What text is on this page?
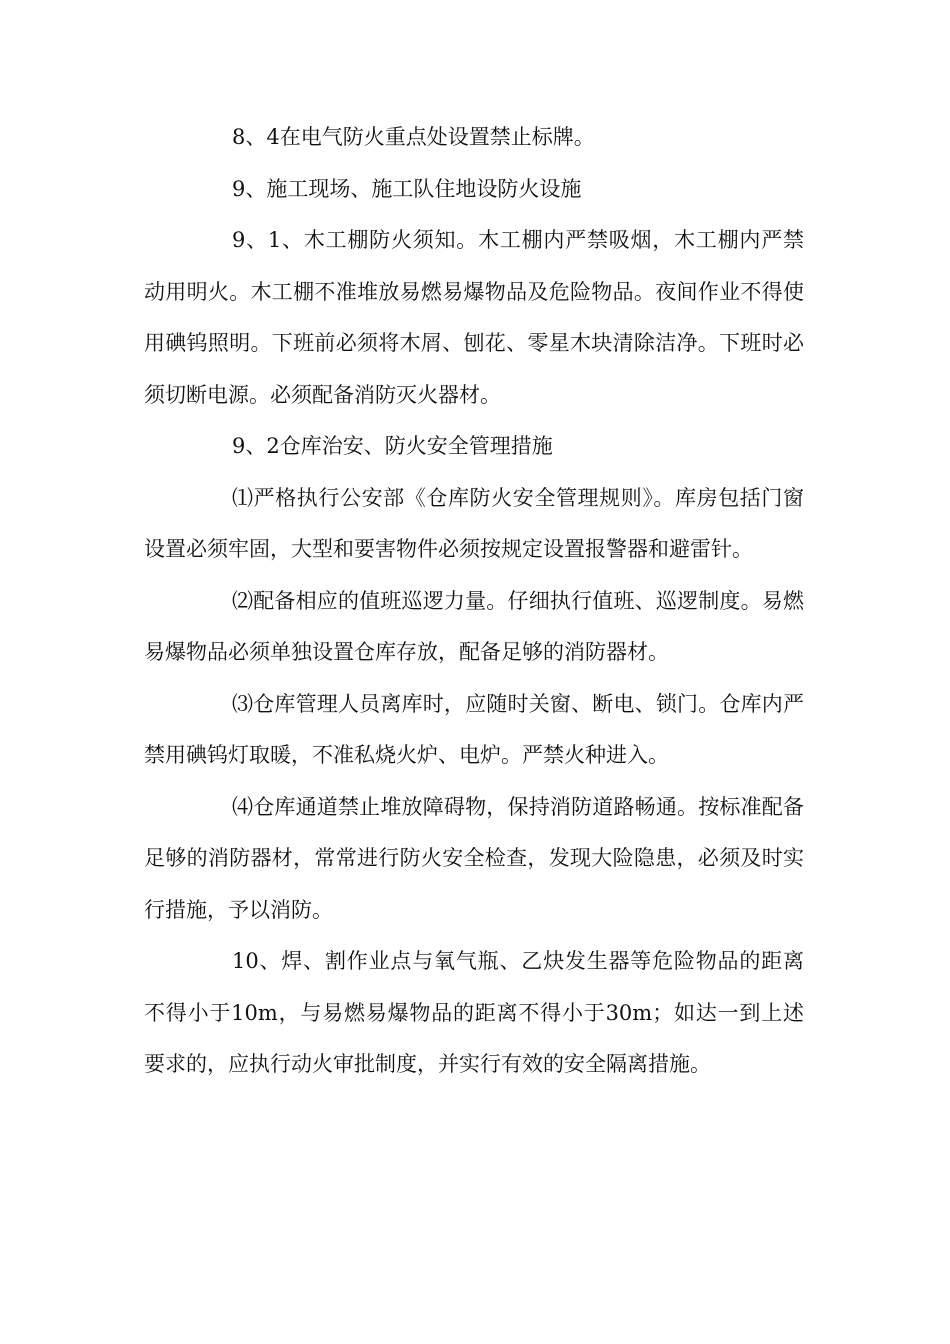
8、4在电气防火重点处设置禁止标牌。

9、施工现场、施工队住地设防火设施

9、1、木工棚防火须知。木工棚内严禁吸烟，木工棚内严禁动用明火。木工棚不准堆放易燃易爆物品及危险物品。夜间作业不得使用碘钨照明。下班前必须将木屑、刨花、零星木块清除洁净。下班时必须切断电源。必须配备消防灭火器材。

9、2仓库治安、防火安全管理措施

⑴严格执行公安部《仓库防火安全管理规则》。库房包括门窗设置必须牢固，大型和要害物件必须按规定设置报警器和避雷针。

⑵配备相应的值班巡逻力量。仔细执行值班、巡逻制度。易燃易爆物品必须单独设置仓库存放，配备足够的消防器材。

⑶仓库管理人员离库时，应随时关窗、断电、锁门。仓库内严禁用碘钨灯取暖，不准私烧火炉、电炉。严禁火种进入。

⑷仓库通道禁止堆放障碍物，保持消防道路畅通。按标准配备足够的消防器材，常常进行防火安全检查，发现大险隐患，必须及时实行措施，予以消防。

10、焊、割作业点与氧气瓶、乙炔发生器等危险物品的距离不得小于10m，与易燃易爆物品的距离不得小于30m；如达一到上述要求的，应执行动火审批制度，并实行有效的安全隔离措施。
